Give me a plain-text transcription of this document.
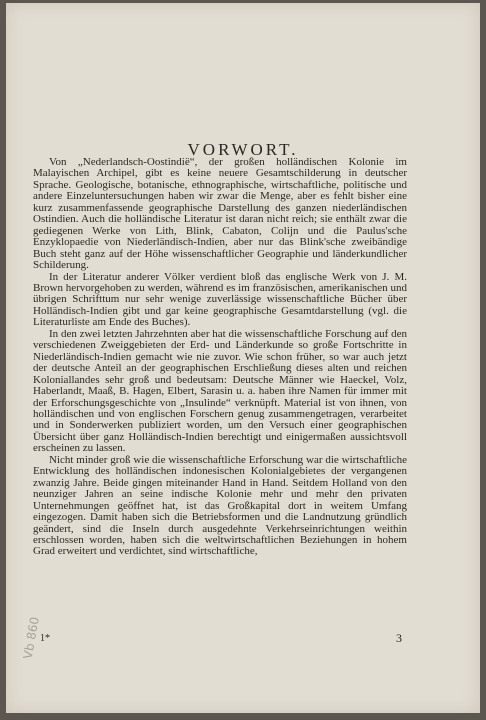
VORWORT.

Von „Nederlandsch-Oostindië“, der großen holländischen Kolonie im Malayischen Archipel, gibt es keine neuere Gesamtschilderung in deutscher Sprache. Geologische, botanische, ethnographische, wirtschaftliche, politische und andere Einzeluntersuchungen haben wir zwar die Menge, aber es fehlt bisher eine kurz zusammenfassende geographische Darstellung des ganzen niederländischen Ostindien. Auch die holländische Literatur ist daran nicht reich; sie enthält zwar die gediegenen Werke von Lith, Blink, Cabaton, Colijn und die Paulus'sche Enzyklopaedie von Niederländisch-Indien, aber nur das Blink'sche zweibändige Buch steht ganz auf der Höhe wissenschaftlicher Geographie und länderkundlicher Schilderung.

In der Literatur anderer Völker verdient bloß das englische Werk von J. M. Brown hervorgehoben zu werden, während es im französischen, amerikanischen und übrigen Schrifttum nur sehr wenige zuverlässige wissenschaftliche Bücher über Holländisch-Indien gibt und gar keine geographische Gesamtdarstellung (vgl. die Literaturliste am Ende des Buches).

In den zwei letzten Jahrzehnten aber hat die wissenschaftliche Forschung auf den verschiedenen Zweiggebieten der Erd- und Länderkunde so große Fortschritte in Niederländisch-Indien gemacht wie nie zuvor. Wie schon früher, so war auch jetzt der deutsche Anteil an der geographischen Erschließung dieses alten und reichen Koloniallandes sehr groß und bedeutsam: Deutsche Männer wie Haeckel, Volz, Haberlandt, Maaß, B. Hagen, Elbert, Sarasin u. a. haben ihre Namen für immer mit der Erforschungsgeschichte von „Insulinde“ verknüpft. Material ist von ihnen, von holländischen und von englischen Forschern genug zusammengetragen, verarbeitet und in Sonderwerken publiziert worden, um den Versuch einer geographischen Übersicht über ganz Holländisch-Indien berechtigt und einigermaßen aussichtsvoll erscheinen zu lassen.

Nicht minder groß wie die wissenschaftliche Erforschung war die wirtschaftliche Entwicklung des holländischen indonesischen Kolonialgebietes der vergangenen zwanzig Jahre. Beide gingen miteinander Hand in Hand. Seitdem Holland von den neunziger Jahren an seine indische Kolonie mehr und mehr den privaten Unternehmungen geöffnet hat, ist das Großkapital dort in weitem Umfang eingezogen. Damit haben sich die Betriebsformen und die Landnutzung gründlich geändert, sind die Inseln durch ausgedehnte Verkehrseinrichtungen weithin erschlossen worden, haben sich die weltwirtschaftlichen Beziehungen in hohem Grad erweitert und verdichtet, sind wirtschaftliche,

Vb 860
1*	3
